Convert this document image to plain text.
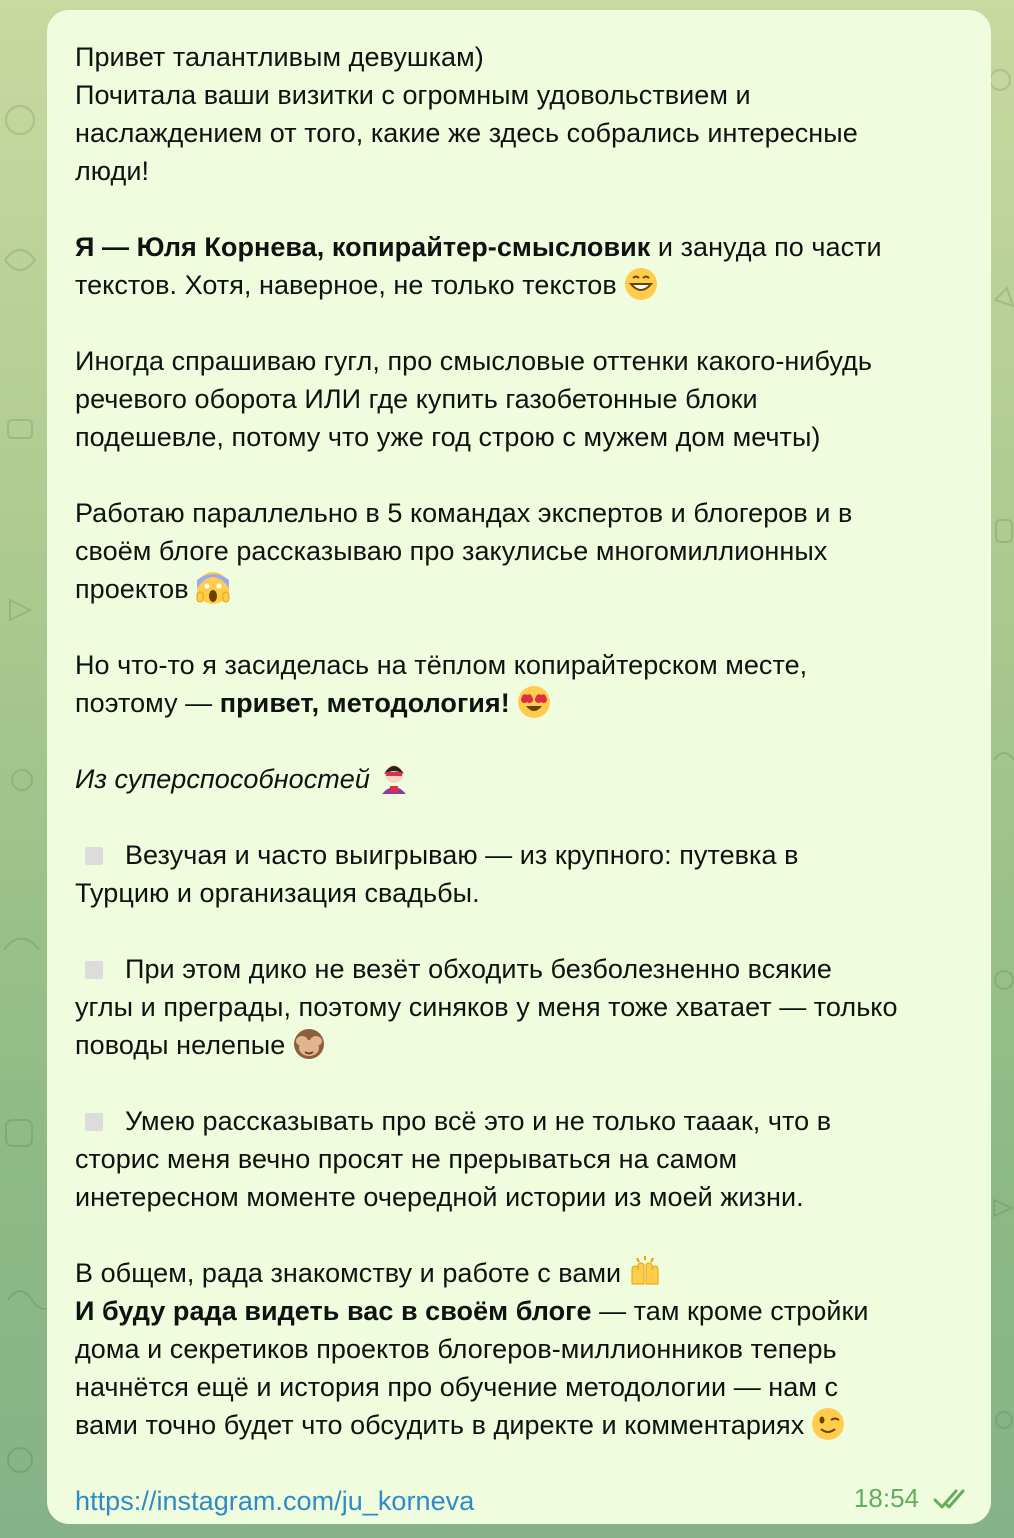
Привет талантливым девушкам)
Почитала ваши визитки с огромным удовольствием и
наслаждением от того, какие же здесь собрались интересные
люди!
Я — Юля Корнева, копирайтер-смысловик и зануда по части
текстов. Хотя, наверное, не только текстов
Иногда спрашиваю гугл, про смысловые оттенки какого-нибудь
речевого оборота ИЛИ где купить газобетонные блоки
подешевле, потому что уже год строю с мужем дом мечты)
Работаю параллельно в 5 командах экспертов и блогеров и в
своём блоге рассказываю про закулисье многомиллионных
проектов
Но что-то я засиделась на тёплом копирайтерском месте,
поэтому — привет, методология!
Из суперспособностей
Везучая и часто выигрываю — из крупного: путевка в
Турцию и организация свадьбы.
При этом дико не везёт обходить безболезненно всякие
углы и преграды, поэтому синяков у меня тоже хватает — только
поводы нелепые
Умею рассказывать про всё это и не только тааак, что в
сторис меня вечно просят не прерываться на самом
инетересном моменте очередной истории из моей жизни.
В общем, рада знакомству и работе с вами
И буду рада видеть вас в своём блоге — там кроме стройки
дома и секретиков проектов блогеров-миллионников теперь
начнётся ещё и история про обучение методологии — нам с
вами точно будет что обсудить в директе и комментариях
https://instagram.com/ju_korneva	18:54
